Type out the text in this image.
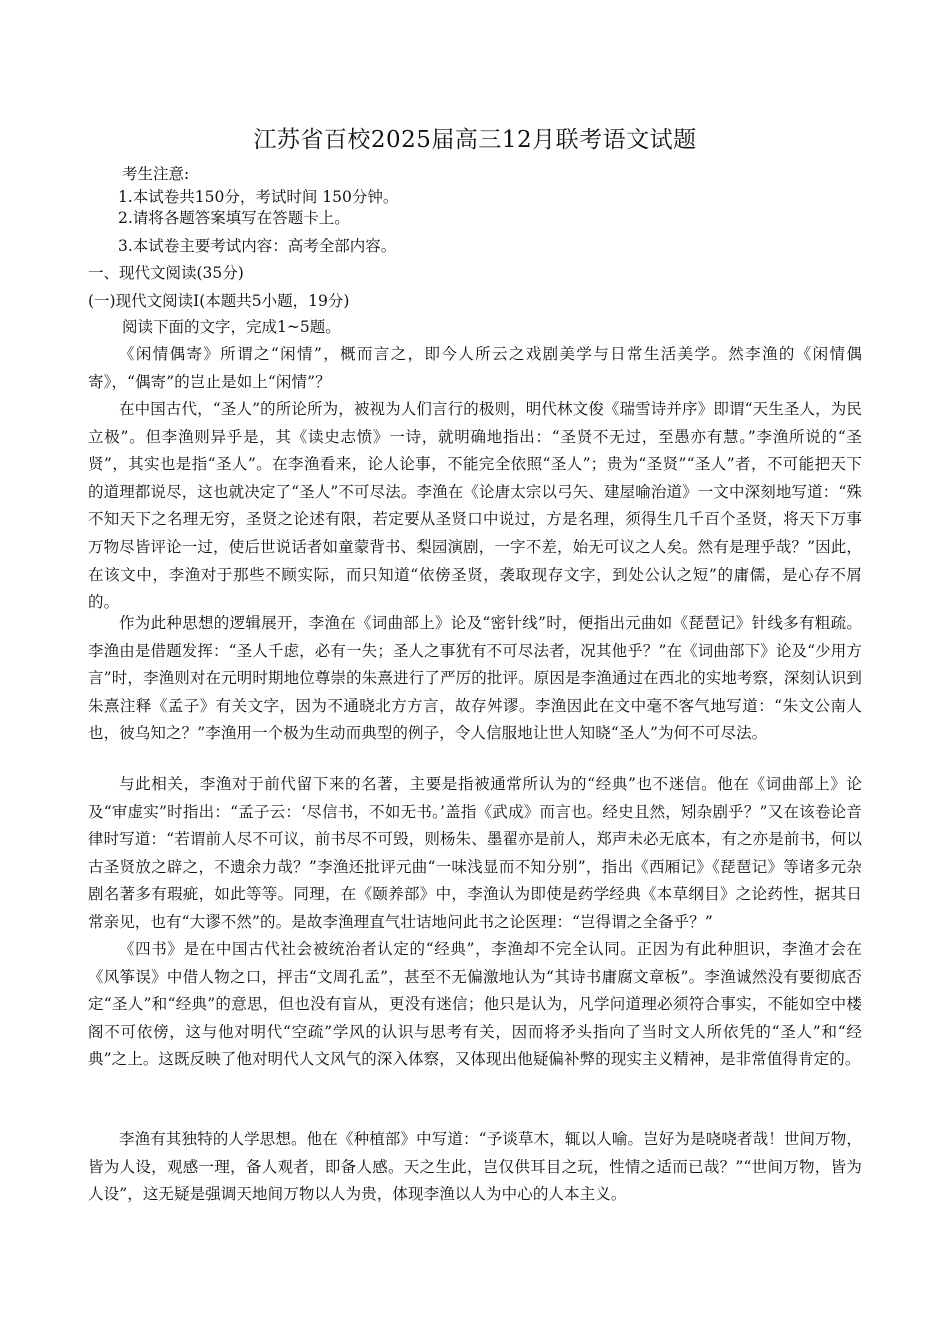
江苏省百校2025届高三12月联考语文试题

考生注意:

1.本试卷共150分，考试时间 150分钟。

2.请将各题答案填写在答题卡上。

3.本试卷主要考试内容：高考全部内容。

一、现代文阅读(35分)

(一)现代文阅读Ⅰ(本题共5小题，19分)

阅读下面的文字，完成1~5题。

《闲情偶寄》所谓之“闲情”，概而言之，即今人所云之戏剧美学与日常生活美学。然李渔的《闲情偶寄》，“偶寄”的岂止是如上“闲情”？

在中国古代，“圣人”的所论所为，被视为人们言行的极则，明代林文俊《瑞雪诗并序》即谓“天生圣人，为民立极”。但李渔则异乎是，其《读史志愤》一诗，就明确地指出：“圣贤不无过，至愚亦有慧。”李渔所说的“圣贤”，其实也是指“圣人”。在李渔看来，论人论事，不能完全依照“圣人”；贵为“圣贤”“圣人”者，不可能把天下的道理都说尽，这也就决定了“圣人”不可尽法。李渔在《论唐太宗以弓矢、建屋喻治道》一文中深刻地写道：“殊不知天下之名理无穷，圣贤之论述有限，若定要从圣贤口中说过，方是名理，须得生几千百个圣贤，将天下万事万物尽皆评论一过，使后世说话者如童蒙背书、梨园演剧，一字不差，始无可议之人矣。然有是理乎哉？”因此，在该文中，李渔对于那些不顾实际，而只知道“依傍圣贤，袭取现存文字，到处公认之短”的庸儒，是心存不屑的。

作为此种思想的逻辑展开，李渔在《词曲部上》论及“密针线”时，便指出元曲如《琵琶记》针线多有粗疏。李渔由是借题发挥：“圣人千虑，必有一失；圣人之事犹有不可尽法者，况其他乎？”在《词曲部下》论及“少用方言”时，李渔则对在元明时期地位尊崇的朱熹进行了严厉的批评。原因是李渔通过在西北的实地考察，深刻认识到朱熹注释《孟子》有关文字，因为不通晓北方方言，故存舛谬。李渔因此在文中毫不客气地写道：“朱文公南人也，彼乌知之？”李渔用一个极为生动而典型的例子，令人信服地让世人知晓“圣人”为何不可尽法。

与此相关，李渔对于前代留下来的名著，主要是指被通常所认为的“经典”也不迷信。他在《词曲部上》论及“审虚实”时指出：“孟子云：‘尽信书，不如无书。’盖指《武成》而言也。经史且然，矧杂剧乎？”又在该卷论音律时写道：“若谓前人尽不可议，前书尽不可毁，则杨朱、墨翟亦是前人，郑声未必无底本，有之亦是前书，何以古圣贤放之辟之，不遗余力哉？”李渔还批评元曲“一味浅显而不知分别”，指出《西厢记》《琵琶记》等诸多元杂剧名著多有瑕疵，如此等等。同理，在《颐养部》中，李渔认为即使是药学经典《本草纲目》之论药性，据其日常亲见，也有“大谬不然”的。是故李渔理直气壮诘地问此书之论医理：“岂得谓之全备乎？”

《四书》是在中国古代社会被统治者认定的“经典”，李渔却不完全认同。正因为有此种胆识，李渔才会在《风筝误》中借人物之口，抨击“文周孔孟”，甚至不无偏激地认为“其诗书庸腐文章板”。李渔诚然没有要彻底否定“圣人”和“经典”的意思，但也没有盲从，更没有迷信；他只是认为，凡学问道理必须符合事实，不能如空中楼阁不可依傍，这与他对明代“空疏”学风的认识与思考有关，因而将矛头指向了当时文人所依凭的“圣人”和“经典”之上。这既反映了他对明代人文风气的深入体察，又体现出他疑偏补弊的现实主义精神，是非常值得肯定的。

李渔有其独特的人学思想。他在《种植部》中写道：“予谈草木，辄以人喻。岂好为是哓哓者哉！世间万物，皆为人设，观感一理，备人观者，即备人感。天之生此，岂仅供耳目之玩，性情之适而已哉？”“世间万物，皆为人设”，这无疑是强调天地间万物以人为贵，体现李渔以人为中心的人本主义。
